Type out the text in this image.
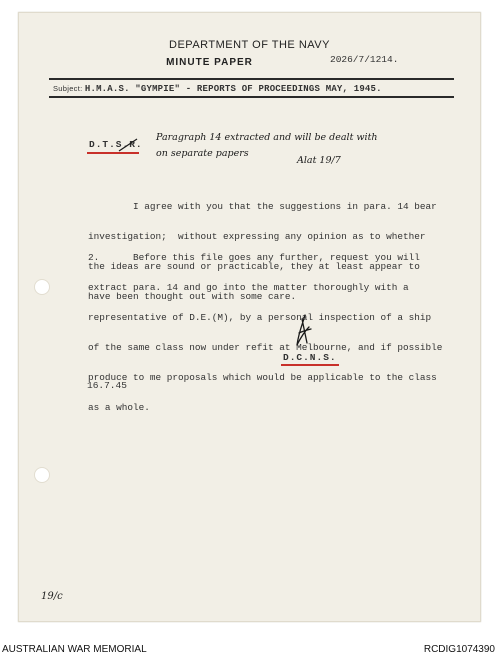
DEPARTMENT OF THE NAVY
MINUTE PAPER	2026/7/1214.
Subject: H.M.A.S. "GYMPIE" - REPORTS OF PROCEEDINGS MAY, 1945.
D.T.S.R.
Paragraph 14 extracted and will be dealt with
on separate papers
Alat 19/7

I agree with you that the suggestions in para. 14 bear

investigation;  without expressing any opinion as to whether

the ideas are sound or practicable, they at least appear to

have been thought out with some care.

2.      Before this file goes any further, request you will

extract para. 14 and go into the matter thoroughly with a

representative of D.E.(M), by a personal inspection of a ship

of the same class now under refit at Melbourne, and if possible

produce to me proposals which would be applicable to the class

as a whole.

D.C.N.S.
16.7.45
19/c
AUSTRALIAN WAR MEMORIAL	RCDIG1074390
